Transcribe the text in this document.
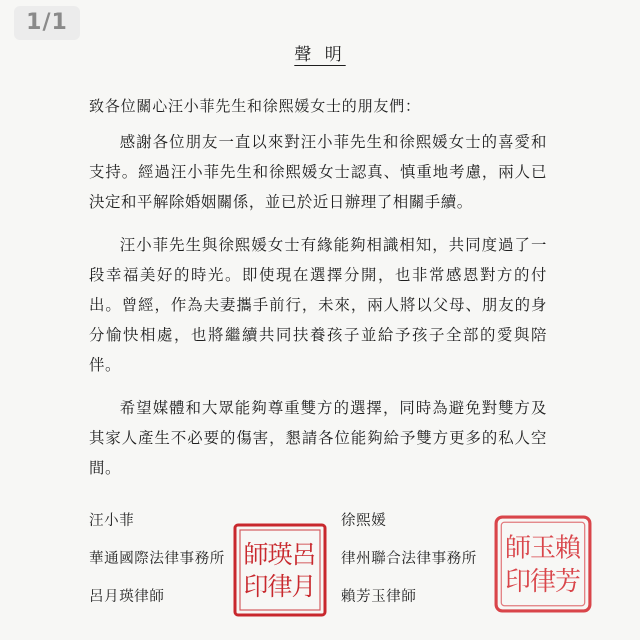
1/1
聲 明
致各位關心汪小菲先生和徐熙媛女士的朋友們：

感謝各位朋友一直以來對汪小菲先生和徐熙媛女士的喜愛和支持。經過汪小菲先生和徐熙媛女士認真、慎重地考慮，兩人已決定和平解除婚姻關係，並已於近日辦理了相關手續。

汪小菲先生與徐熙媛女士有緣能夠相識相知，共同度過了一段幸福美好的時光。即使現在選擇分開，也非常感恩對方的付出。曾經，作為夫妻攜手前行，未來，兩人將以父母、朋友的身分愉快相處，也將繼續共同扶養孩子並給予孩子全部的愛與陪伴。

希望媒體和大眾能夠尊重雙方的選擇，同時為避免對雙方及其家人產生不必要的傷害，懇請各位能夠給予雙方更多的私人空間。

汪小菲
華通國際法律事務所
呂月瑛律師
呂
月
瑛
律
師
印
徐熙媛
律州聯合法律事務所
賴芳玉律師
賴
芳
玉
律
師
印
